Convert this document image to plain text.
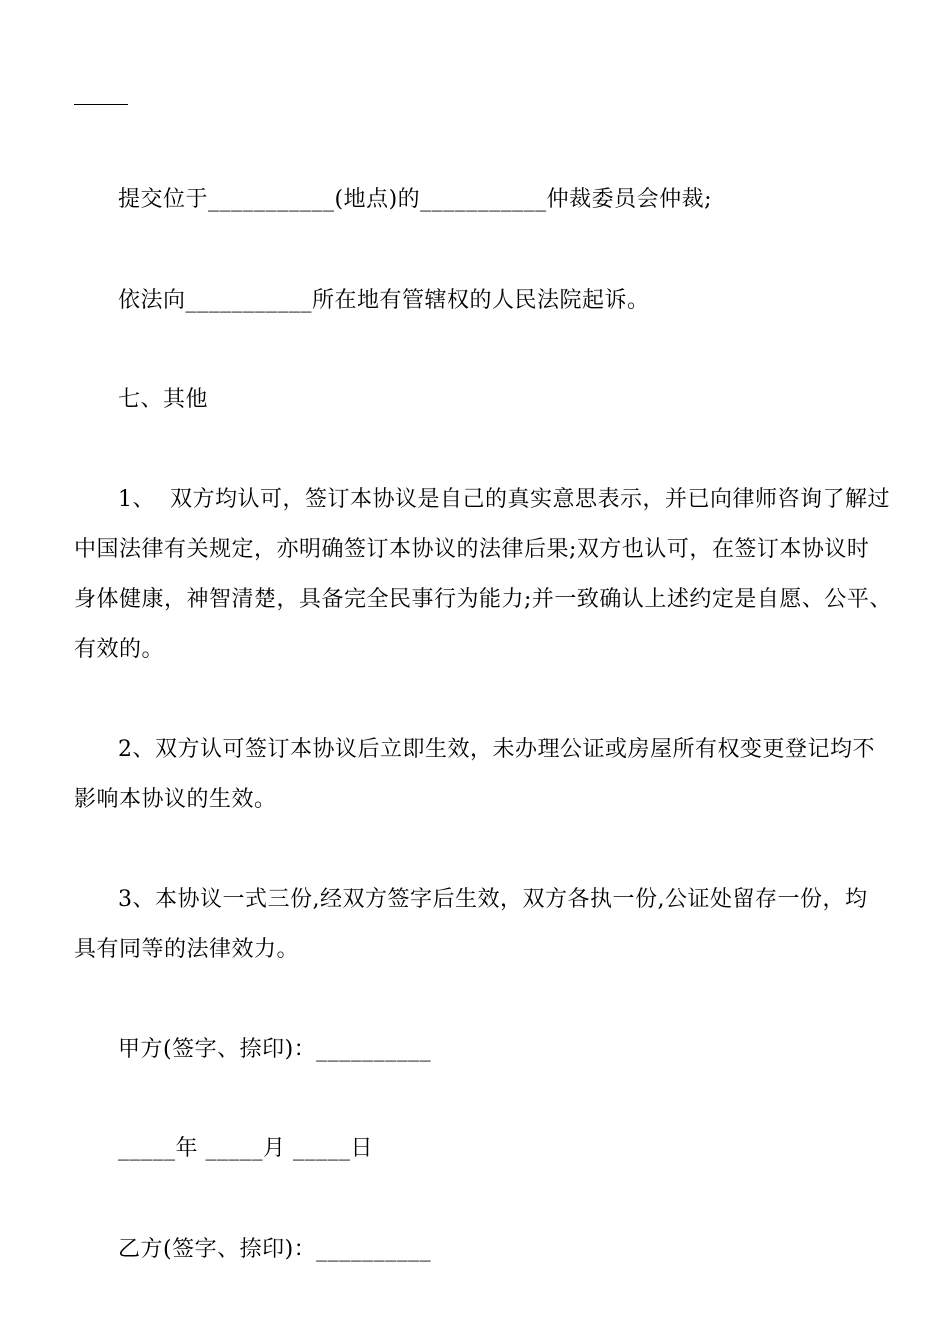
提交位于___________(地点)的___________仲裁委员会仲裁;
依法向___________所在地有管辖权的人民法院起诉。
七、其他
1、  双方均认可，签订本协议是自己的真实意思表示，并已向律师咨询了解过
中国法律有关规定，亦明确签订本协议的法律后果;双方也认可，在签订本协议时
身体健康，神智清楚，具备完全民事行为能力;并一致确认上述约定是自愿、公平、
有效的。
2、双方认可签订本协议后立即生效，未办理公证或房屋所有权变更登记均不
影响本协议的生效。
3、本协议一式三份,经双方签字后生效，双方各执一份,公证处留存一份，均
具有同等的法律效力。
甲方(签字、捺印)：__________
_____年 _____月 _____日
乙方(签字、捺印)：__________
